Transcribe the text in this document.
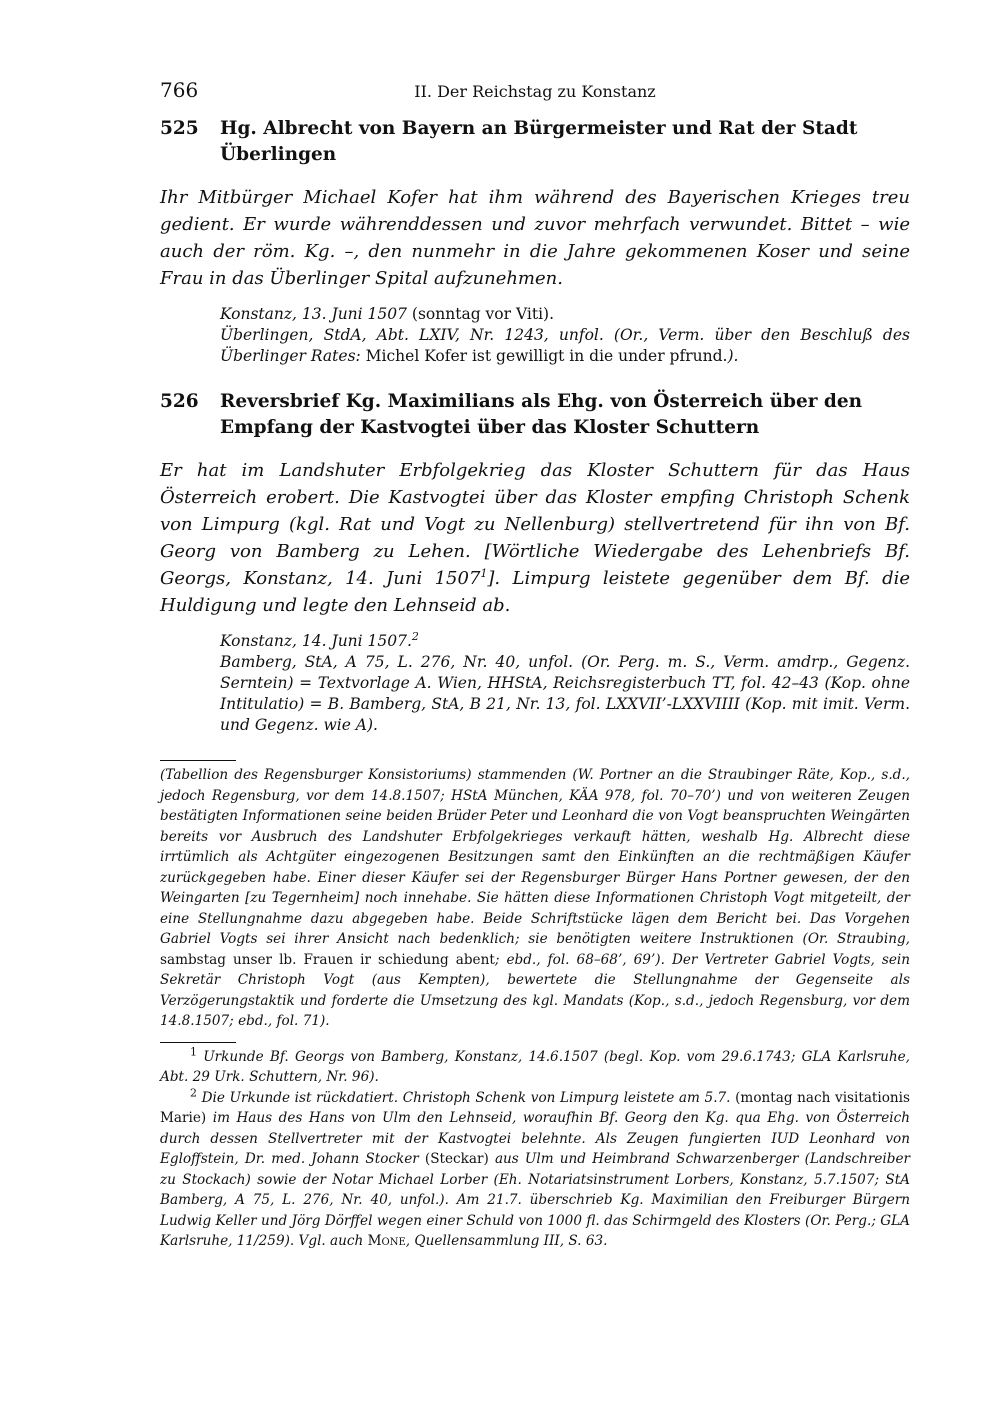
766	II. Der Reichstag zu Konstanz
525	Hg. Albrecht von Bayern an Bürgermeister und Rat der Stadt Überlingen
Ihr Mitbürger Michael Kofer hat ihm während des Bayerischen Krieges treu gedient. Er wurde währenddessen und zuvor mehrfach verwundet. Bittet – wie auch der röm. Kg. –, den nunmehr in die Jahre gekommenen Koser und seine Frau in das Überlinger Spital aufzunehmen.
Konstanz, 13. Juni 1507 (sonntag vor Viti).
Überlingen, StdA, Abt. LXIV, Nr. 1243, unfol. (Or., Verm. über den Beschluß des Überlinger Rates: Michel Kofer ist gewilligt in die under pfrund.).
526	Reversbrief Kg. Maximilians als Ehg. von Österreich über den Empfang der Kastvogtei über das Kloster Schuttern
Er hat im Landshuter Erbfolgekrieg das Kloster Schuttern für das Haus Österreich erobert. Die Kastvogtei über das Kloster empfing Christoph Schenk von Limpurg (kgl. Rat und Vogt zu Nellenburg) stellvertretend für ihn von Bf. Georg von Bamberg zu Lehen. [Wörtliche Wiedergabe des Lehenbriefs Bf. Georgs, Konstanz, 14. Juni 1507$^1$]. Limpurg leistete gegenüber dem Bf. die Huldigung und legte den Lehnseid ab.
Konstanz, 14. Juni 1507.$^2$
Bamberg, StA, A 75, L. 276, Nr. 40, unfol. (Or. Perg. m. S., Verm. amdrp., Gegenz. Serntein) = Textvorlage A. Wien, HHStA, Reichsregisterbuch TT, fol. 42–43 (Kop. ohne Intitulatio) = B. Bamberg, StA, B 21, Nr. 13, fol. LXXVII’-LXXVIIII (Kop. mit imit. Verm. und Gegenz. wie A).
(Tabellion des Regensburger Konsistoriums) stammenden (W. Portner an die Straubinger Räte, Kop., s.d., jedoch Regensburg, vor dem 14.8.1507; HStA München, KÄA 978, fol. 70–70’) und von weiteren Zeugen bestätigten Informationen seine beiden Brüder Peter und Leonhard die von Vogt beanspruchten Weingärten bereits vor Ausbruch des Landshuter Erbfolgekrieges verkauft hätten, weshalb Hg. Albrecht diese irrtümlich als Achtgüter eingezogenen Besitzungen samt den Einkünften an die rechtmäßigen Käufer zurückgegeben habe. Einer dieser Käufer sei der Regensburger Bürger Hans Portner gewesen, der den Weingarten [zu Tegernheim] noch innehabe. Sie hätten diese Informationen Christoph Vogt mitgeteilt, der eine Stellungnahme dazu abgegeben habe. Beide Schriftstücke lägen dem Bericht bei. Das Vorgehen Gabriel Vogts sei ihrer Ansicht nach bedenklich; sie benötigten weitere Instruktionen (Or. Straubing, sambstag unser lb. Frauen ir schiedung abent; ebd., fol. 68–68’, 69’). Der Vertreter Gabriel Vogts, sein Sekretär Christoph Vogt (aus Kempten), bewertete die Stellungnahme der Gegenseite als Verzögerungstaktik und forderte die Umsetzung des kgl. Mandats (Kop., s.d., jedoch Regensburg, vor dem 14.8.1507; ebd., fol. 71).
$^1$ Urkunde Bf. Georgs von Bamberg, Konstanz, 14.6.1507 (begl. Kop. vom 29.6.1743; GLA Karlsruhe, Abt. 29 Urk. Schuttern, Nr. 96).
$^2$ Die Urkunde ist rückdatiert. Christoph Schenk von Limpurg leistete am 5.7. (montag nach visitationis Marie) im Haus des Hans von Ulm den Lehnseid, woraufhin Bf. Georg den Kg. qua Ehg. von Österreich durch dessen Stellvertreter mit der Kastvogtei belehnte. Als Zeugen fungierten IUD Leonhard von Egloffstein, Dr. med. Johann Stocker (Steckar) aus Ulm und Heimbrand Schwarzenberger (Landschreiber zu Stockach) sowie der Notar Michael Lorber (Eh. Notariatsinstrument Lorbers, Konstanz, 5.7.1507; StA Bamberg, A 75, L. 276, Nr. 40, unfol.). Am 21.7. überschrieb Kg. Maximilian den Freiburger Bürgern Ludwig Keller und Jörg Dörffel wegen einer Schuld von 1000 fl. das Schirmgeld des Klosters (Or. Perg.; GLA Karlsruhe, 11/259). Vgl. auch Mone, Quellensammlung III, S. 63.
